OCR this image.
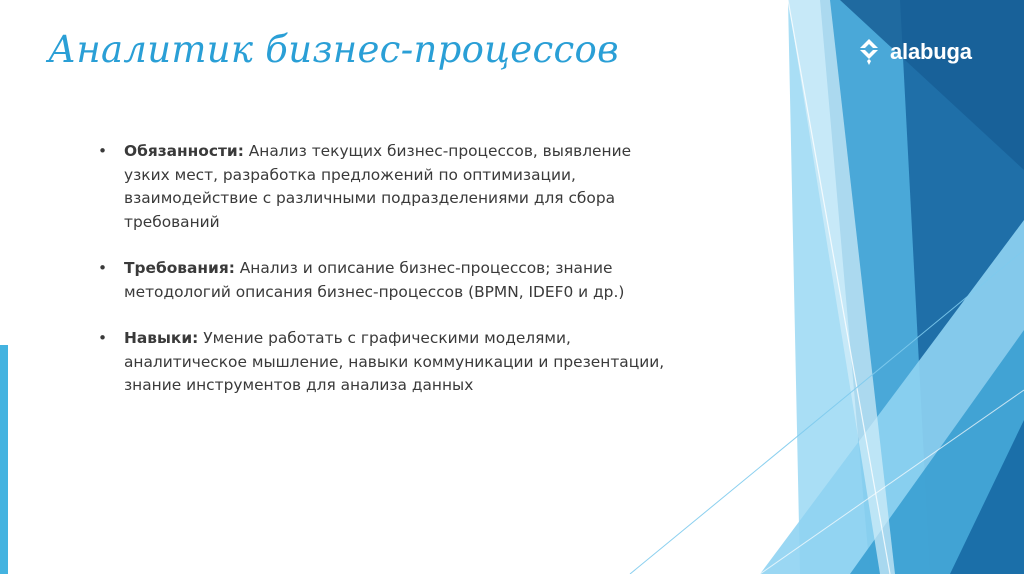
Аналитик бизнес-процессов	alabuga
• Обязанности: Анализ текущих бизнес-процессов, выявление узких мест, разработка предложений по оптимизации, взаимодействие с различными подразделениями для сбора требований
• Требования: Анализ и описание бизнес-процессов; знание методологий описания бизнес-процессов (BPMN, IDEF0 и др.)
• Навыки: Умение работать с графическими моделями, аналитическое мышление, навыки коммуникации и презентации, знание инструментов для анализа данных
